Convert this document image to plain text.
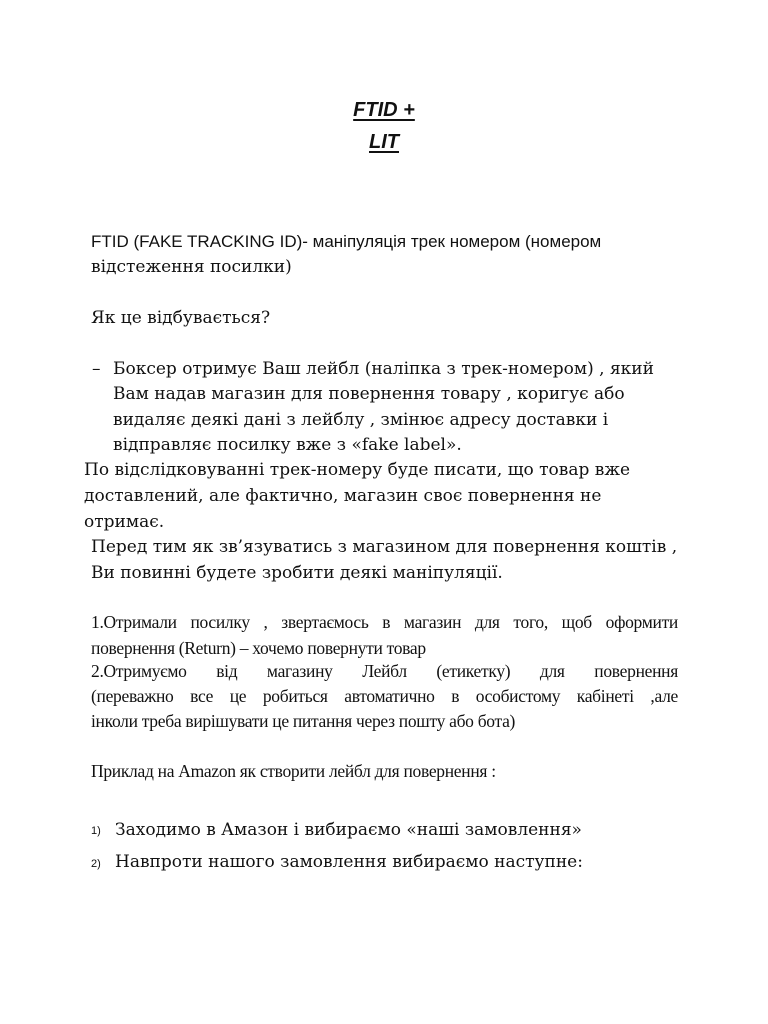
FTID +
LIT
FTID (FAKE TRACKING ID)- маніпуляція трек номером (номером
відстеження посилки)
Як це відбувається?
– Боксер отримує Ваш лейбл (наліпка з трек-номером) , який
Вам надав магазин для повернення товару , коригує або
видаляє деякі дані з лейблу , змінює адресу доставки і
відправляє посилку вже з «fake label».
По відслідковуванні трек-номеру буде писати, що товар вже
доставлений, але фактично, магазин своє повернення не
отримає.
Перед тим як зв’язуватись з магазином для повернення коштів ,
Ви повинні будете зробити деякі маніпуляції.
1.Отримали посилку , звертаємось в магазин для того, щоб оформити
повернення (Return) – хочемо повернути товар
2.Отримуємо від магазину Лейбл (етикетку) для повернення
(переважно все це робиться автоматично в особистому кабінеті ,але
інколи треба вирішувати це питання через пошту або бота)
Приклад на Amazon як створити лейбл для повернення :
1) Заходимо в Амазон і вибираємо «наші замовлення»
2) Навпроти нашого замовлення вибираємо наступне:
